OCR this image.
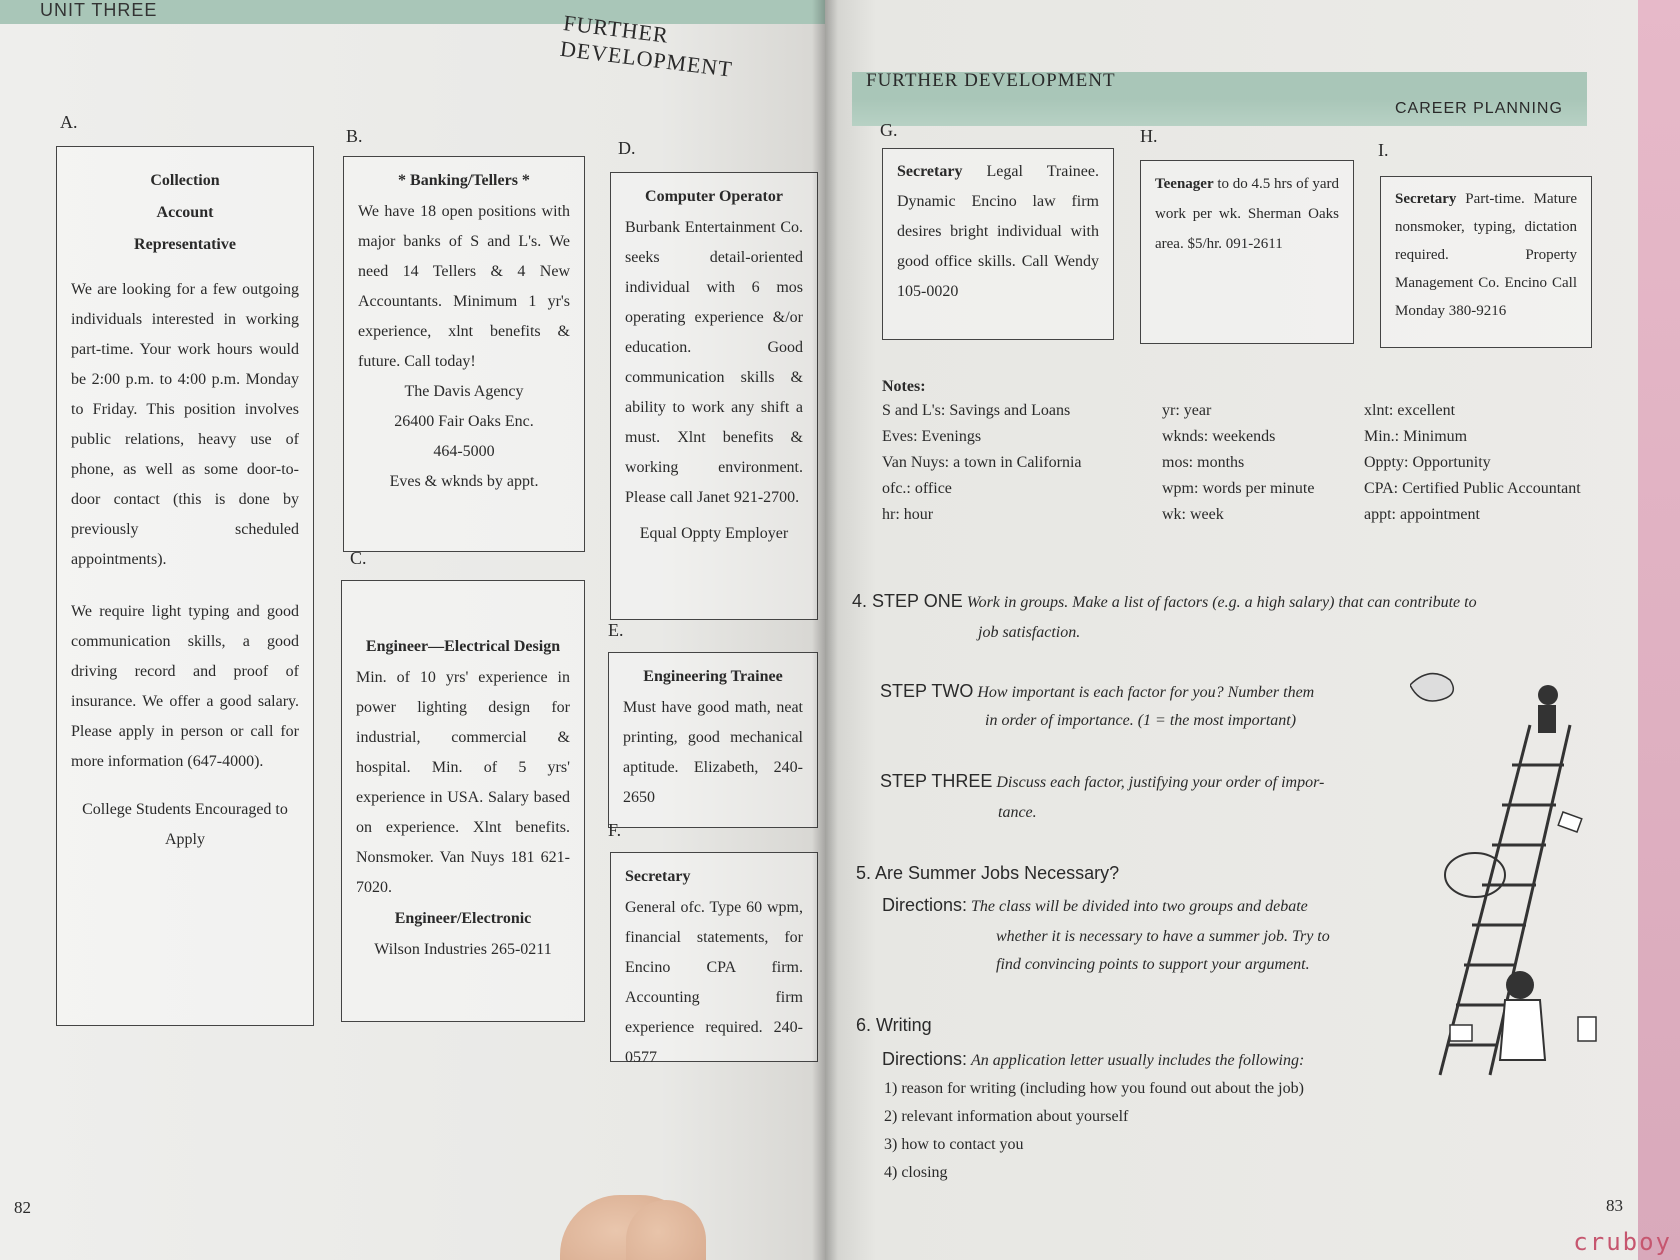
UNIT THREE	FURTHER DEVELOPMENT
A.
Collection
Account
Representative

We are looking for a few outgoing individuals interested in working part-time. Your work hours would be 2:00 p.m. to 4:00 p.m. Monday to Friday. This position involves public relations, heavy use of phone, as well as some door-to-door contact (this is done by previously scheduled appointments).

We require light typing and good communication skills, a good driving record and proof of insurance. We offer a good salary. Please apply in person or call for more information (647-4000).

College Students Encouraged to Apply

B.
* Banking/Tellers *

We have 18 open positions with major banks of S and L's. We need 14 Tellers & 4 New Accountants. Minimum 1 yr's experience, xlnt benefits & future. Call today!

The Davis Agency

26400 Fair Oaks Enc.

464-5000

Eves & wknds by appt.

C.
Engineer—Electrical Design

Min. of 10 yrs' experience in power lighting design for industrial, commercial & hospital. Min. of 5 yrs' experience in USA. Salary based on experience. Xlnt benefits. Nonsmoker. Van Nuys 181 621-7020.

Engineer/Electronic

Wilson Industries 265-0211

D.
Computer Operator

Burbank Entertainment Co. seeks detail-oriented individual with 6 mos operating experience &/or education. Good communication skills & ability to work any shift a must. Xlnt benefits & working environment. Please call Janet 921-2700.

Equal Oppty Employer

E.
Engineering Trainee

Must have good math, neat printing, good mechanical aptitude. Elizabeth, 240-2650

F.
Secretary

General ofc. Type 60 wpm, financial statements, for Encino CPA firm. Accounting firm experience required. 240-0577

82
FURTHER DEVELOPMENT
CAREER PLANNING
G.

Secretary Legal Trainee. Dynamic Encino law firm desires bright individual with good office skills. Call Wendy 105-0020

H.

Teenager to do 4.5 hrs of yard work per wk. Sherman Oaks area. $5/hr. 091-2611

I.

Secretary Part-time. Mature nonsmoker, typing, dictation required. Property Management Co. Encino Call Monday 380-9216

Notes:
S and L's: Savings and Loans	yr: year	xlnt: excellent
Eves: Evenings	wknds: weekends	Min.: Minimum
Van Nuys: a town in California	mos: months	Oppty: Opportunity
ofc.: office	wpm: words per minute	CPA: Certified Public Accountant
hr: hour	wk: week	appt: appointment
4. STEP ONE Work in groups. Make a list of factors (e.g. a high salary) that can contribute to
job satisfaction.
STEP TWO How important is each factor for you? Number them
in order of importance. (1 = the most important)
STEP THREE Discuss each factor, justifying your order of impor-
tance.
5. Are Summer Jobs Necessary?
Directions: The class will be divided into two groups and debate
whether it is necessary to have a summer job. Try to
find convincing points to support your argument.
6. Writing
Directions: An application letter usually includes the following:
1) reason for writing (including how you found out about the job)
2) relevant information about yourself
3) how to contact you
4) closing
83
cruboy
